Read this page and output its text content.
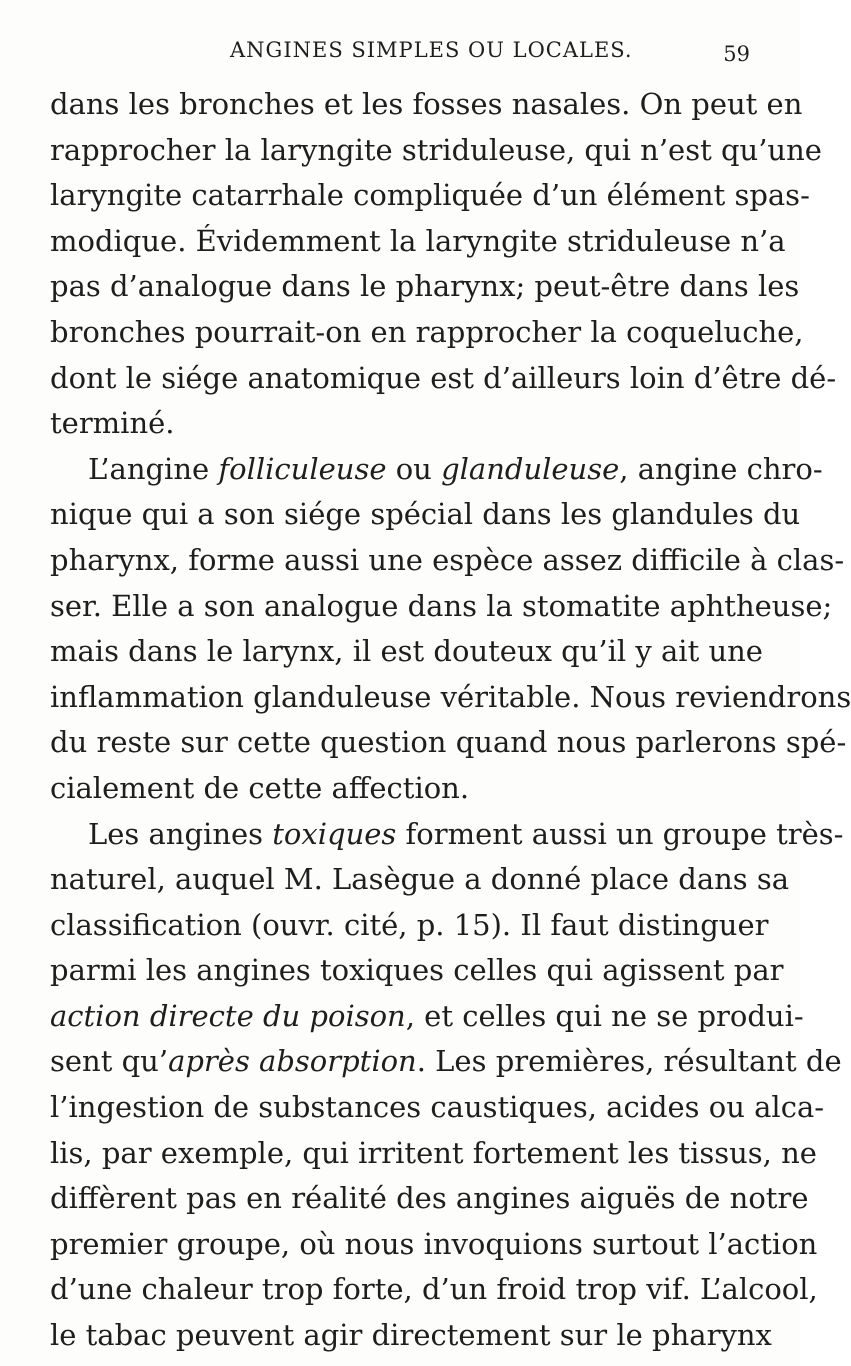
ANGINES SIMPLES OU LOCALES.	59
dans les bronches et les fosses nasales. On peut en
rapprocher la laryngite striduleuse, qui n’est qu’une
laryngite catarrhale compliquée d’un élément spas-
modique. Évidemment la laryngite striduleuse n’a
pas d’analogue dans le pharynx; peut-être dans les
bronches pourrait-on en rapprocher la coqueluche,
dont le siége anatomique est d’ailleurs loin d’être dé-
terminé.
L’angine folliculeuse ou glanduleuse, angine chro-
nique qui a son siége spécial dans les glandules du
pharynx, forme aussi une espèce assez difficile à clas-
ser. Elle a son analogue dans la stomatite aphtheuse;
mais dans le larynx, il est douteux qu’il y ait une
inflammation glanduleuse véritable. Nous reviendrons
du reste sur cette question quand nous parlerons spé-
cialement de cette affection.
Les angines toxiques forment aussi un groupe très-
naturel, auquel M. Lasègue a donné place dans sa
classification (ouvr. cité, p. 15). Il faut distinguer
parmi les angines toxiques celles qui agissent par
action directe du poison, et celles qui ne se produi-
sent qu’après absorption. Les premières, résultant de
l’ingestion de substances caustiques, acides ou alca-
lis, par exemple, qui irritent fortement les tissus, ne
diffèrent pas en réalité des angines aiguës de notre
premier groupe, où nous invoquions surtout l’action
d’une chaleur trop forte, d’un froid trop vif. L’alcool,
le tabac peuvent agir directement sur le pharynx
